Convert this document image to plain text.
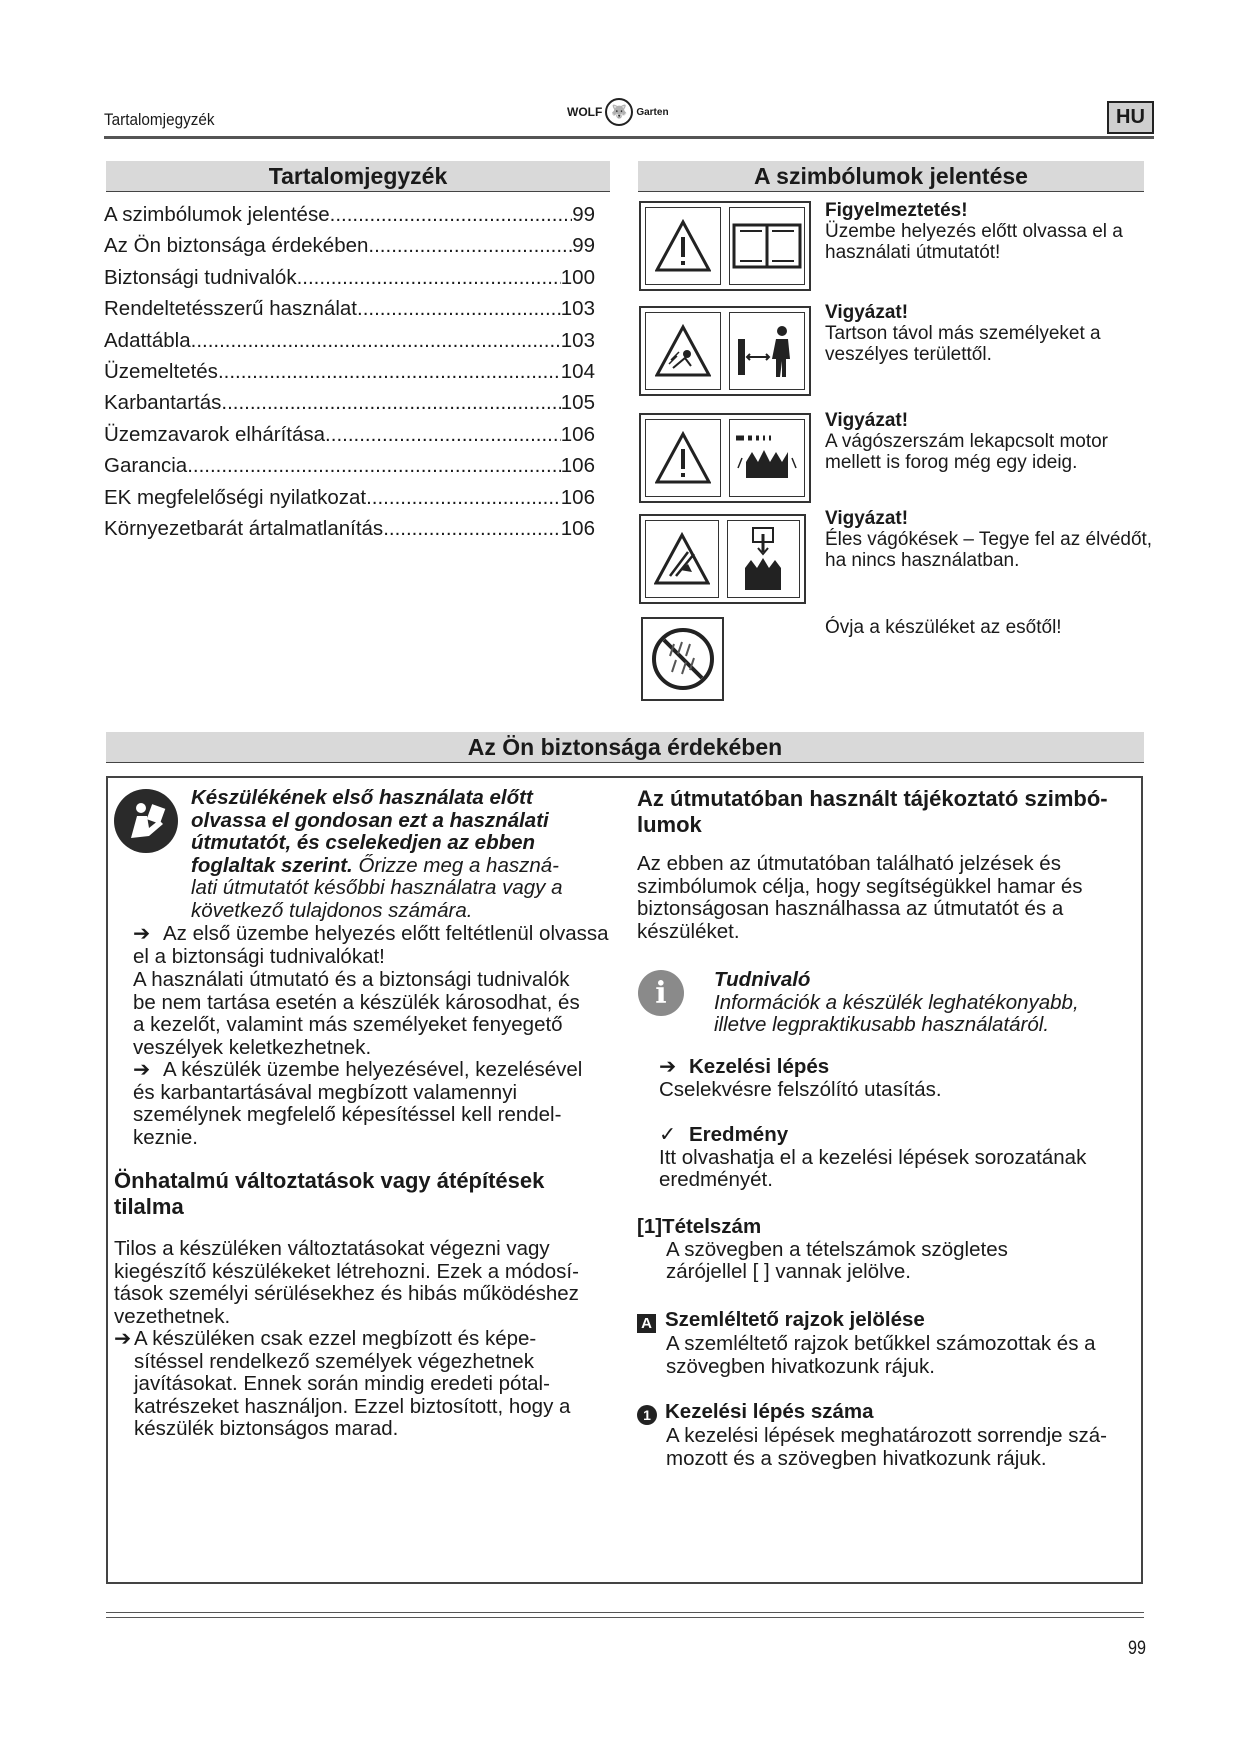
Tartalomjegyzék	WOLF 🐺 Garten	HU
Tartalomjegyzék
A szimbólumok jelentése .....	99
Az Ön biztonsága érdekében .....	99
Biztonsági tudnivalók .....	100
Rendeltetésszerű használat .....	103
Adattábla .....	103
Üzemeltetés .....	104
Karbantartás .....	105
Üzemzavarok elhárítása .....	106
Garancia .....	106
EK megfelelőségi nyilatkozat .....	106
Környezetbarát ártalmatlanítás .....	106
A szimbólumok jelentése
Figyelmeztetés!
Üzembe helyezés előtt olvassa el a használati útmutatót!
Vigyázat!
Tartson távol más személyeket a veszélyes területtől.
Vigyázat!
A vágószerszám lekapcsolt motor mellett is forog még egy ideig.
Vigyázat!
Éles vágókések – Tegye fel az élvédőt, ha nincs használatban.
Óvja a készüléket az esőtől!
Az Ön biztonsága érdekében
Készülékének első használata előtt
olvassa el gondosan ezt a használati
útmutatót, és cselekedjen az ebben
foglaltak szerint. Őrizze meg a haszná-
lati útmutatót későbbi használatra vagy a
következő tulajdonos számára.
➔ Az első üzembe helyezés előtt feltétlenül olvassa
el a biztonsági tudnivalókat!
A használati útmutató és a biztonsági tudnivalók
be nem tartása esetén a készülék károsodhat, és
a kezelőt, valamint más személyeket fenyegető
veszélyek keletkezhetnek.
➔ A készülék üzembe helyezésével, kezelésével
és karbantartásával megbízott valamennyi
személynek megfelelő képesítéssel kell rendel-
keznie.
Önhatalmú változtatások vagy átépítések
tilalma
Tilos a készüléken változtatásokat végezni vagy
kiegészítő készülékeket létrehozni. Ezek a módosí-
tások személyi sérülésekhez és hibás működéshez
vezethetnek.
➔ A készüléken csak ezzel megbízott és képe-
sítéssel rendelkező személyek végezhetnek
javításokat. Ennek során mindig eredeti pótal-
katrészeket használjon. Ezzel biztosított, hogy a
készülék biztonságos marad.
Az útmutatóban használt tájékoztató szimbó-
lumok
Az ebben az útmutatóban található jelzések és
szimbólumok célja, hogy segítségükkel hamar és
biztonságosan használhassa az útmutatót és a
készüléket.
i	Tudnivaló
Információk a készülék leghatékonyabb,
illetve legpraktikusabb használatáról.
➔ Kezelési lépés
Cselekvésre felszólító utasítás.
✓ Eredmény
Itt olvashatja el a kezelési lépések sorozatának
eredményét.
[1]Tételszám
A szövegben a tételszámok szögletes
zárójellel [ ] vannak jelölve.
A Szemléltető rajzok jelölése
A szemléltető rajzok betűkkel számozottak és a
szövegben hivatkozunk rájuk.
1 Kezelési lépés száma
A kezelési lépések meghatározott sorrendje szá-
mozott és a szövegben hivatkozunk rájuk.
99
